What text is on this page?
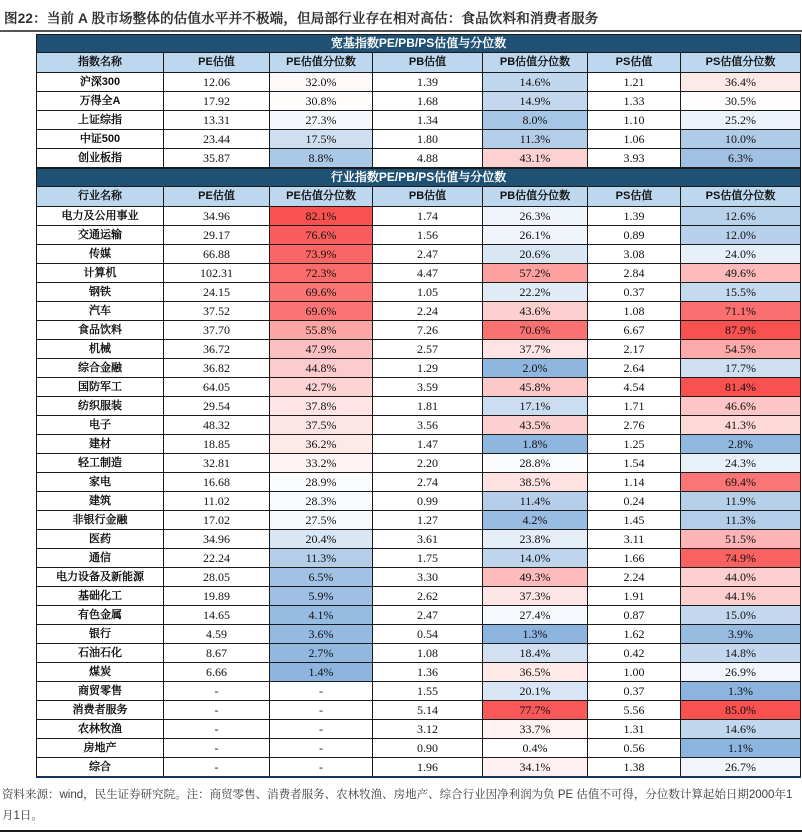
图22：当前 A 股市场整体的估值水平并不极端，但局部行业存在相对高估：食品饮料和消费者服务
宽基指数PE/PB/PS估值与分位数						
指数名称	PE估值	PE估值分位数	PB估值	PB估值分位数	PS估值	PS估值分位数
沪深300	12.06	32.0%	1.39	14.6%	1.21	36.4%
万得全A	17.92	30.8%	1.68	14.9%	1.33	30.5%
上证综指	13.31	27.3%	1.34	8.0%	1.10	25.2%
中证500	23.44	17.5%	1.80	11.3%	1.06	10.0%
创业板指	35.87	8.8%	4.88	43.1%	3.93	6.3%
行业指数PE/PB/PS估值与分位数						
行业名称	PE估值	PE估值分位数	PB估值	PB估值分位数	PS估值	PS估值分位数
电力及公用事业	34.96	82.1%	1.74	26.3%	1.39	12.6%
交通运输	29.17	76.6%	1.56	26.1%	0.89	12.0%
传媒	66.88	73.9%	2.47	20.6%	3.08	24.0%
计算机	102.31	72.3%	4.47	57.2%	2.84	49.6%
钢铁	24.15	69.6%	1.05	22.2%	0.37	15.5%
汽车	37.52	69.6%	2.24	43.6%	1.08	71.1%
食品饮料	37.70	55.8%	7.26	70.6%	6.67	87.9%
机械	36.72	47.9%	2.57	37.7%	2.17	54.5%
综合金融	36.82	44.8%	1.29	2.0%	2.64	17.7%
国防军工	64.05	42.7%	3.59	45.8%	4.54	81.4%
纺织服装	29.54	37.8%	1.81	17.1%	1.71	46.6%
电子	48.32	37.5%	3.56	43.5%	2.76	41.3%
建材	18.85	36.2%	1.47	1.8%	1.25	2.8%
轻工制造	32.81	33.2%	2.20	28.8%	1.54	24.3%
家电	16.68	28.9%	2.74	38.5%	1.14	69.4%
建筑	11.02	28.3%	0.99	11.4%	0.24	11.9%
非银行金融	17.02	27.5%	1.27	4.2%	1.45	11.3%
医药	34.96	20.4%	3.61	23.8%	3.11	51.5%
通信	22.24	11.3%	1.75	14.0%	1.66	74.9%
电力设备及新能源	28.05	6.5%	3.30	49.3%	2.24	44.0%
基础化工	19.89	5.9%	2.62	37.3%	1.91	44.1%
有色金属	14.65	4.1%	2.47	27.4%	0.87	15.0%
银行	4.59	3.6%	0.54	1.3%	1.62	3.9%
石油石化	8.67	2.7%	1.08	18.4%	0.42	14.8%
煤炭	6.66	1.4%	1.36	36.5%	1.00	26.9%
商贸零售	-	-	1.55	20.1%	0.37	1.3%
消费者服务	-	-	5.14	77.7%	5.56	85.0%
农林牧渔	-	-	3.12	33.7%	1.31	14.6%
房地产	-	-	0.90	0.4%	0.56	1.1%
综合	-	-	1.96	34.1%	1.38	26.7%
资料来源：wind，民生证券研究院。注：商贸零售、消费者服务、农林牧渔、房地产、综合行业因净利润为负 PE 估值不可得，分位数计算起始日期2000年1月1日。
